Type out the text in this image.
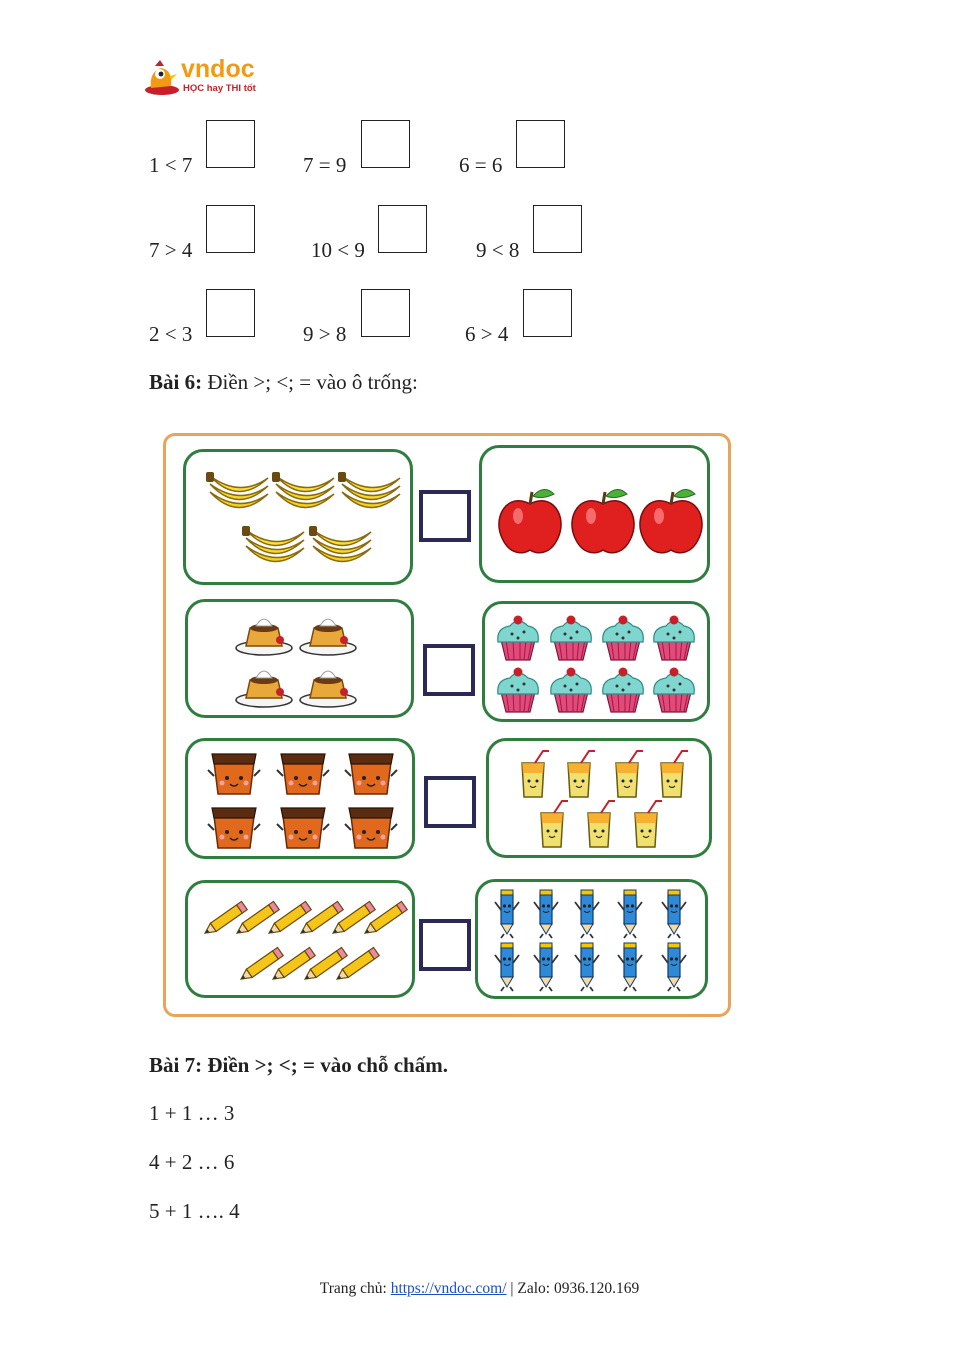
vndoc
HỌC hay THI tốt
1 < 7	7 = 9	6 = 6
7 > 4	10 < 9	9 < 8
2 < 3	9 > 8	6 > 4
Bài 6: Điền >; <; = vào ô trống:
Bài 7: Điền >; <; = vào chỗ chấm.
1 + 1 … 3
4 + 2 … 6
5 + 1 …. 4
Trang chủ: https://vndoc.com/ | Zalo: 0936.120.169
